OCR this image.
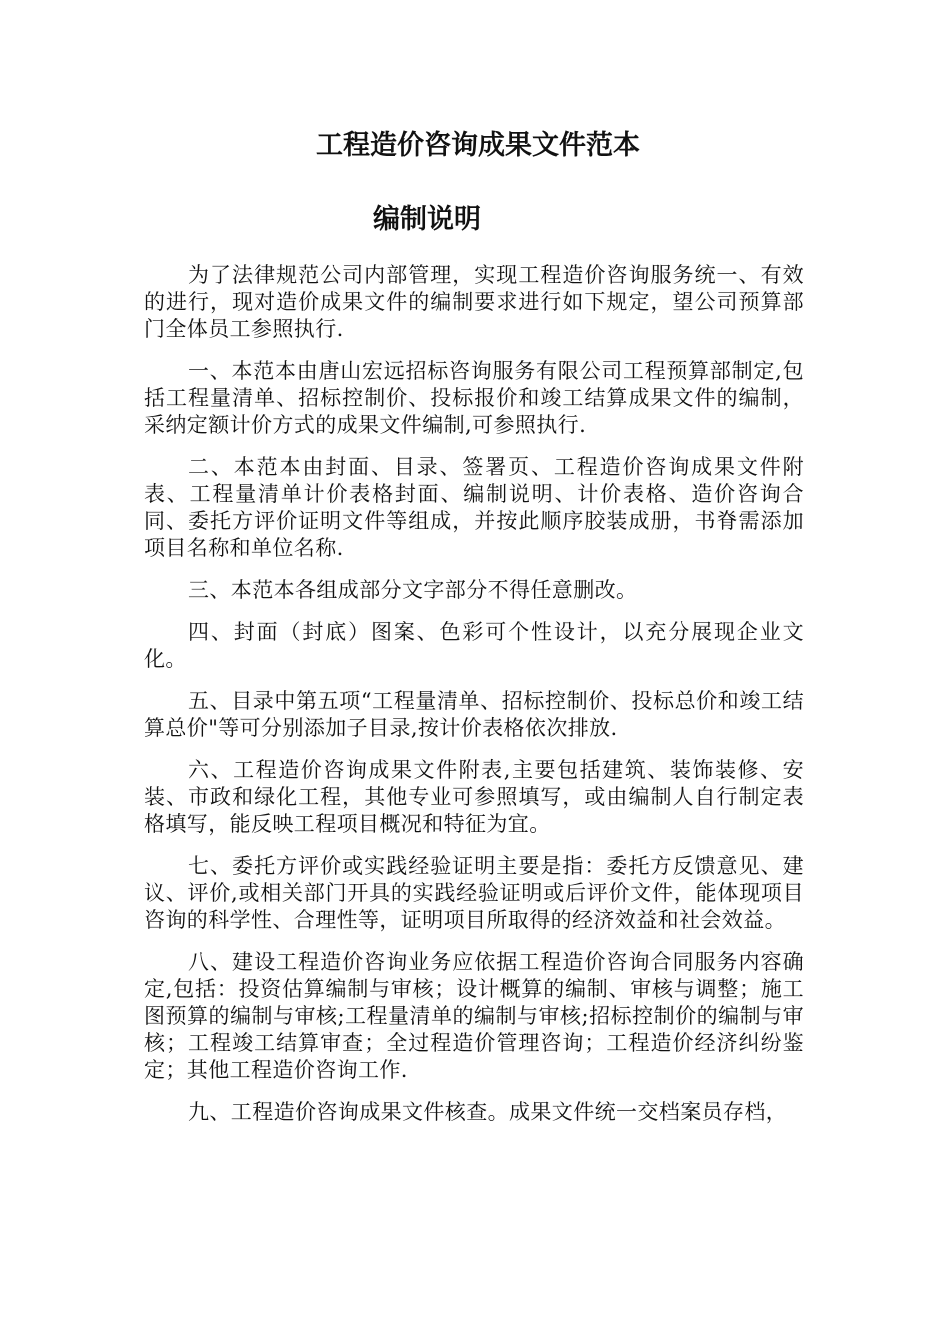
工程造价咨询成果文件范本
编制说明

为了法律规范公司内部管理，实现工程造价咨询服务统一、有效的进行，现对造价成果文件的编制要求进行如下规定，望公司预算部门全体员工参照执行.

一、本范本由唐山宏远招标咨询服务有限公司工程预算部制定,包括工程量清单、招标控制价、投标报价和竣工结算成果文件的编制，采纳定额计价方式的成果文件编制,可参照执行.

二、本范本由封面、目录、签署页、工程造价咨询成果文件附表、工程量清单计价表格封面、编制说明、计价表格、造价咨询合同、委托方评价证明文件等组成，并按此顺序胶装成册，书脊需添加项目名称和单位名称.

三、本范本各组成部分文字部分不得任意删改。

四、封面（封底）图案、色彩可个性设计，以充分展现企业文化。

五、目录中第五项“工程量清单、招标控制价、投标总价和竣工结算总价"等可分别添加子目录,按计价表格依次排放.

六、工程造价咨询成果文件附表,主要包括建筑、装饰装修、安装、市政和绿化工程，其他专业可参照填写，或由编制人自行制定表格填写，能反映工程项目概况和特征为宜。

七、委托方评价或实践经验证明主要是指：委托方反馈意见、建议、评价,或相关部门开具的实践经验证明或后评价文件，能体现项目咨询的科学性、合理性等，证明项目所取得的经济效益和社会效益。

八、建设工程造价咨询业务应依据工程造价咨询合同服务内容确定,包括：投资估算编制与审核；设计概算的编制、审核与调整；施工图预算的编制与审核;工程量清单的编制与审核;招标控制价的编制与审核；工程竣工结算审查；全过程造价管理咨询；工程造价经济纠纷鉴定；其他工程造价咨询工作.

九、工程造价咨询成果文件核查。成果文件统一交档案员存档，
